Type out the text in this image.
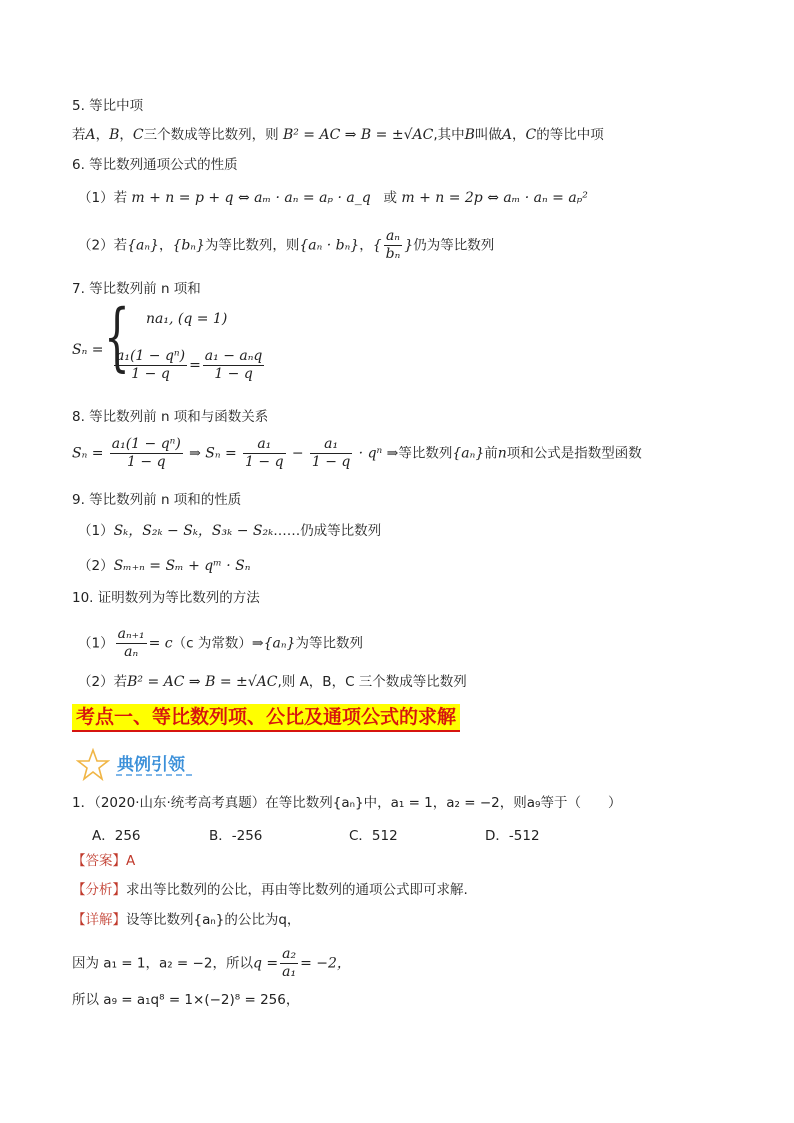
5. 等比中项
若A，B，C三个数成等比数列，则 B² = AC ⇒ B = ±√AC,其中B叫做A，C的等比中项
6. 等比数列通项公式的性质
（1）若 m + n = p + q ⇔ aₘ · aₙ = aₚ · a_q 或 m + n = 2p ⇔ aₘ · aₙ = aₚ²
（2）若{aₙ}，{bₙ}为等比数列，则{aₙ · bₙ}，{ $\frac{\text{aₙ}}{\text{bₙ}}$ }仍为等比数列
7. 等比数列前 n 项和
Sₙ = { na₁, (q = 1)
$\frac{\text{a₁(1 − qⁿ)}}{1 - q} = \frac{\text{a₁ − aₙq}}{1 - q}$
8. 等比数列前 n 项和与函数关系
$S_n = \frac{\text{a₁(1 − qⁿ)}}{1 - q}$ ⇒ $S_n = \frac{\text{a₁}}{1 - q} - \frac{\text{a₁}}{1 - q} \cdot q^n$ ⇒等比数列{aₙ}前n项和公式是指数型函数
9. 等比数列前 n 项和的性质
（1）Sₖ，S₂ₖ − Sₖ，S₃ₖ − S₂ₖ……仍成等比数列
（2）Sₘ₊ₙ = Sₘ + qᵐ · Sₙ
10. 证明数列为等比数列的方法
$(1) \frac{\text{aₙ₊₁}}{\text{aₙ}} = c(c$ 为常数）⇒{aₙ}为等比数列
（2）若B² = AC ⇒ B = ±√AC,则 A，B，C 三个数成等比数列
考点一、等比数列项、公比及通项公式的求解
典例引领
1．（2020·山东·统考高考真题）在等比数列{aₙ}中，a₁ = 1，a₂ = −2，则a₉等于（　　）
A．256	B．-256	C．512	D．-512
【答案】A
【分析】求出等比数列的公比，再由等比数列的通项公式即可求解.
【详解】设等比数列{aₙ}的公比为q，
因为 a₁ = 1，a₂ = −2，所以$q = \frac{\text{a₂}}{\text{a₁}} = -2$，
所以 a₉ = a₁q⁸ = 1×(−2)⁸ = 256，
